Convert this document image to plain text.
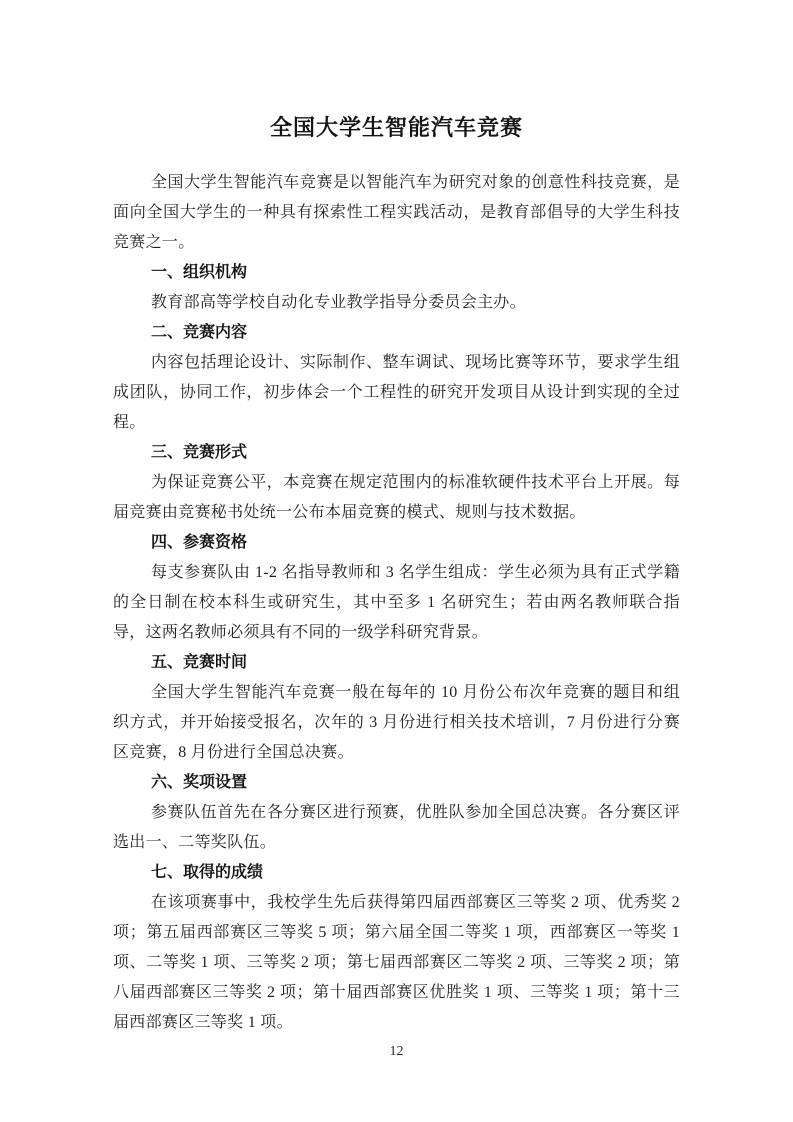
全国大学生智能汽车竞赛

全国大学生智能汽车竞赛是以智能汽车为研究对象的创意性科技竞赛，是面向全国大学生的一种具有探索性工程实践活动，是教育部倡导的大学生科技竞赛之一。

一、组织机构

教育部高等学校自动化专业教学指导分委员会主办。

二、竞赛内容

内容包括理论设计、实际制作、整车调试、现场比赛等环节，要求学生组成团队，协同工作，初步体会一个工程性的研究开发项目从设计到实现的全过程。

三、竞赛形式

为保证竞赛公平，本竞赛在规定范围内的标准软硬件技术平台上开展。每届竞赛由竞赛秘书处统一公布本届竞赛的模式、规则与技术数据。

四、参赛资格

每支参赛队由 1-2 名指导教师和 3 名学生组成：学生必须为具有正式学籍的全日制在校本科生或研究生，其中至多 1 名研究生；若由两名教师联合指导，这两名教师必须具有不同的一级学科研究背景。

五、竞赛时间

全国大学生智能汽车竞赛一般在每年的 10 月份公布次年竞赛的题目和组织方式，并开始接受报名，次年的 3 月份进行相关技术培训，7 月份进行分赛区竞赛，8 月份进行全国总决赛。

六、奖项设置

参赛队伍首先在各分赛区进行预赛，优胜队参加全国总决赛。各分赛区评选出一、二等奖队伍。

七、取得的成绩

在该项赛事中，我校学生先后获得第四届西部赛区三等奖 2 项、优秀奖 2 项；第五届西部赛区三等奖 5 项；第六届全国二等奖 1 项，西部赛区一等奖 1 项、二等奖 1 项、三等奖 2 项；第七届西部赛区二等奖 2 项、三等奖 2 项；第八届西部赛区三等奖 2 项；第十届西部赛区优胜奖 1 项、三等奖 1 项；第十三届西部赛区三等奖 1 项。

12
